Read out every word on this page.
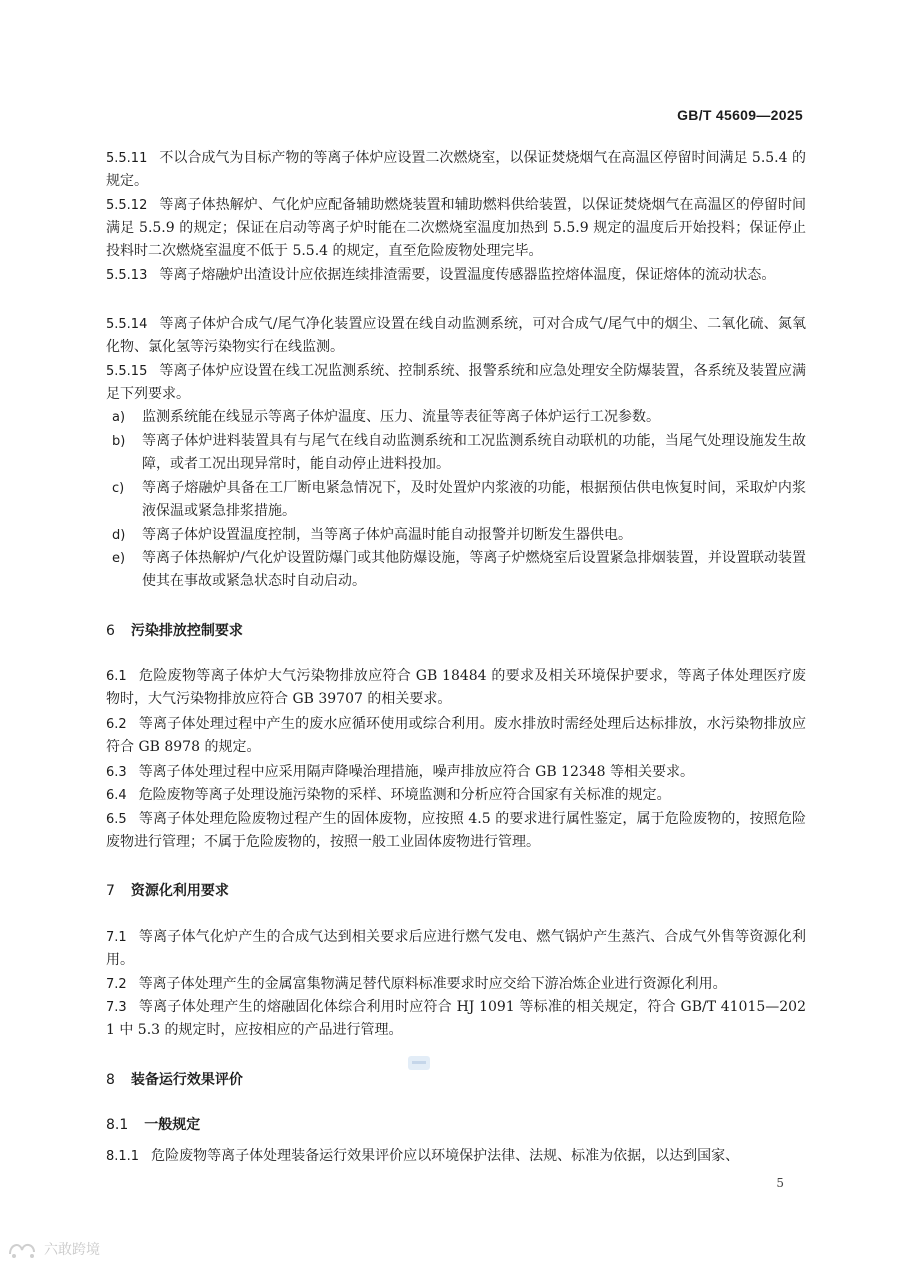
GB/T 45609—2025

5.5.11 不以合成气为目标产物的等离子体炉应设置二次燃烧室，以保证焚烧烟气在高温区停留时间满足 5.5.4 的规定。

5.5.12 等离子体热解炉、气化炉应配备辅助燃烧装置和辅助燃料供给装置，以保证焚烧烟气在高温区的停留时间满足 5.5.9 的规定；保证在启动等离子炉时能在二次燃烧室温度加热到 5.5.9 规定的温度后开始投料；保证停止投料时二次燃烧室温度不低于 5.5.4 的规定，直至危险废物处理完毕。

5.5.13 等离子熔融炉出渣设计应依据连续排渣需要，设置温度传感器监控熔体温度，保证熔体的流动状态。

5.5.14 等离子体炉合成气/尾气净化装置应设置在线自动监测系统，可对合成气/尾气中的烟尘、二氧化硫、氮氧化物、氯化氢等污染物实行在线监测。

5.5.15 等离子体炉应设置在线工况监测系统、控制系统、报警系统和应急处理安全防爆装置，各系统及装置应满足下列要求。

a) 监测系统能在线显示等离子体炉温度、压力、流量等表征等离子体炉运行工况参数。

b) 等离子体炉进料装置具有与尾气在线自动监测系统和工况监测系统自动联机的功能，当尾气处理设施发生故障，或者工况出现异常时，能自动停止进料投加。

c) 等离子熔融炉具备在工厂断电紧急情况下，及时处置炉内浆液的功能，根据预估供电恢复时间，采取炉内浆液保温或紧急排浆措施。

d) 等离子体炉设置温度控制，当等离子体炉高温时能自动报警并切断发生器供电。

e) 等离子体热解炉/气化炉设置防爆门或其他防爆设施，等离子炉燃烧室后设置紧急排烟装置，并设置联动装置使其在事故或紧急状态时自动启动。

6 污染排放控制要求

6.1 危险废物等离子体炉大气污染物排放应符合 GB 18484 的要求及相关环境保护要求，等离子体处理医疗废物时，大气污染物排放应符合 GB 39707 的相关要求。

6.2 等离子体处理过程中产生的废水应循环使用或综合利用。废水排放时需经处理后达标排放，水污染物排放应符合 GB 8978 的规定。

6.3 等离子体处理过程中应采用隔声降噪治理措施，噪声排放应符合 GB 12348 等相关要求。

6.4 危险废物等离子处理设施污染物的采样、环境监测和分析应符合国家有关标准的规定。

6.5 等离子体处理危险废物过程产生的固体废物，应按照 4.5 的要求进行属性鉴定，属于危险废物的，按照危险废物进行管理；不属于危险废物的，按照一般工业固体废物进行管理。

7 资源化利用要求

7.1 等离子体气化炉产生的合成气达到相关要求后应进行燃气发电、燃气锅炉产生蒸汽、合成气外售等资源化利用。

7.2 等离子体处理产生的金属富集物满足替代原料标准要求时应交给下游冶炼企业进行资源化利用。

7.3 等离子体处理产生的熔融固化体综合利用时应符合 HJ 1091 等标准的相关规定，符合 GB/T 41015—2021 中 5.3 的规定时，应按相应的产品进行管理。

8 装备运行效果评价
8.1 一般规定

8.1.1 危险废物等离子体处理装备运行效果评价应以环境保护法律、法规、标准为依据，以达到国家、

5
六敢跨境
